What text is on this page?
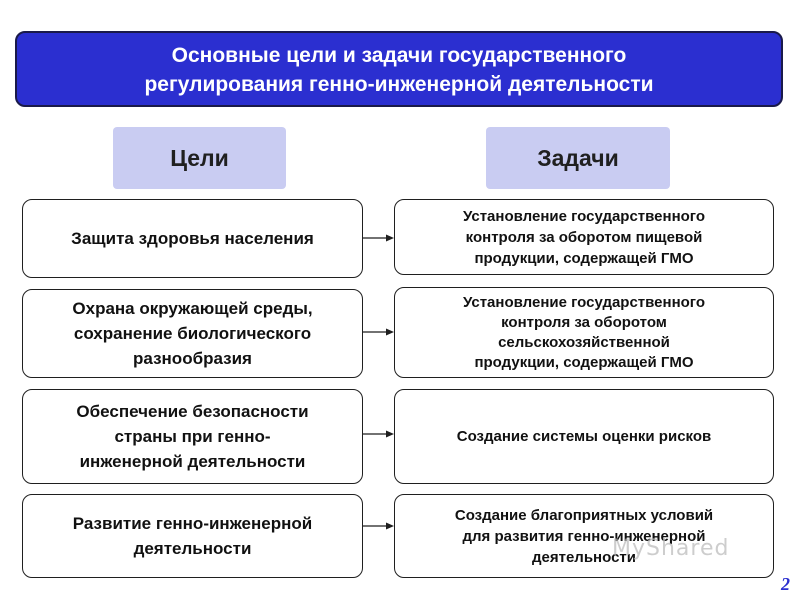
Основные цели и задачи государственного
регулирования генно-инженерной деятельности
Цели	Задачи
Защита здоровья населения
Охрана окружающей среды,
сохранение биологического
разнообразия
Обеспечение безопасности
страны при генно-
инженерной деятельности
Развитие генно-инженерной
деятельности
Установление государственного
контроля за оборотом пищевой
продукции, содержащей ГМО
Установление государственного
контроля за оборотом
сельскохозяйственной
продукции, содержащей ГМО
Создание системы оценки рисков
Создание благоприятных условий
для развития генно-инженерной
деятельности
MyShared
2
